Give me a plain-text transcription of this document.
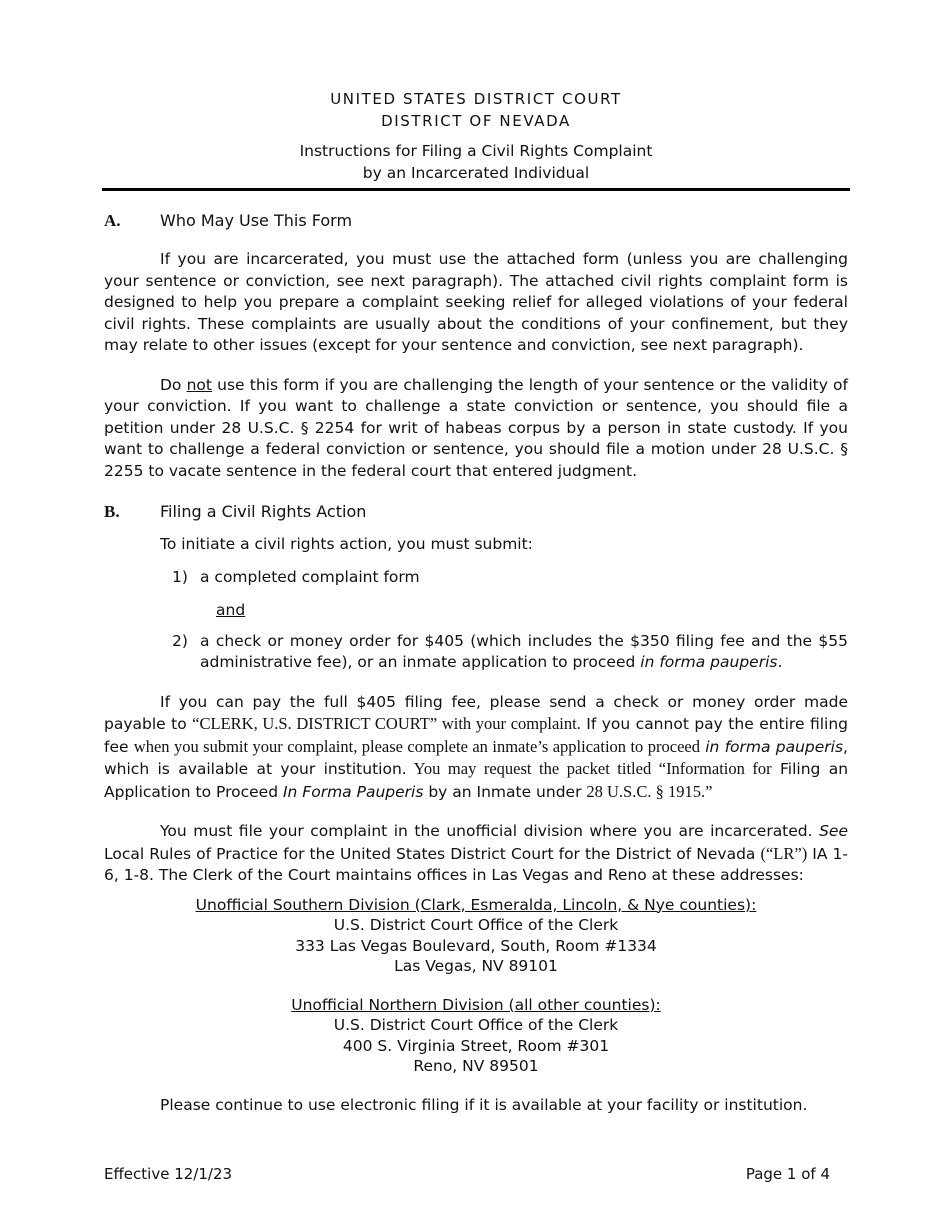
UNITED STATES DISTRICT COURT
DISTRICT OF NEVADA
Instructions for Filing a Civil Rights Complaint
by an Incarcerated Individual
A.	Who May Use This Form

If you are incarcerated, you must use the attached form (unless you are challenging your sentence or conviction, see next paragraph). The attached civil rights complaint form is designed to help you prepare a complaint seeking relief for alleged violations of your federal civil rights. These complaints are usually about the conditions of your confinement, but they may relate to other issues (except for your sentence and conviction, see next paragraph).

Do not use this form if you are challenging the length of your sentence or the validity of your conviction. If you want to challenge a state conviction or sentence, you should file a petition under 28 U.S.C. § 2254 for writ of habeas corpus by a person in state custody. If you want to challenge a federal conviction or sentence, you should file a motion under 28 U.S.C. § 2255 to vacate sentence in the federal court that entered judgment.

B.	Filing a Civil Rights Action
To initiate a civil rights action, you must submit:
1) a completed complaint form
and
2) a check or money order for $405 (which includes the $350 filing fee and the $55 administrative fee), or an inmate application to proceed in forma pauperis.

If you can pay the full $405 filing fee, please send a check or money order made payable to “CLERK, U.S. DISTRICT COURT” with your complaint. If you cannot pay the entire filing fee when you submit your complaint, please complete an inmate’s application to proceed in forma pauperis, which is available at your institution. You may request the packet titled “Information for Filing an Application to Proceed In Forma Pauperis by an Inmate under 28 U.S.C. § 1915.”

You must file your complaint in the unofficial division where you are incarcerated. See Local Rules of Practice for the United States District Court for the District of Nevada (“LR”) IA 1-6, 1-8. The Clerk of the Court maintains offices in Las Vegas and Reno at these addresses:

Unofficial Southern Division (Clark, Esmeralda, Lincoln, & Nye counties):
U.S. District Court Office of the Clerk
333 Las Vegas Boulevard, South, Room #1334
Las Vegas, NV 89101
Unofficial Northern Division (all other counties):
U.S. District Court Office of the Clerk
400 S. Virginia Street, Room #301
Reno, NV 89501
Please continue to use electronic filing if it is available at your facility or institution.
Effective 12/1/23	Page 1 of 4
